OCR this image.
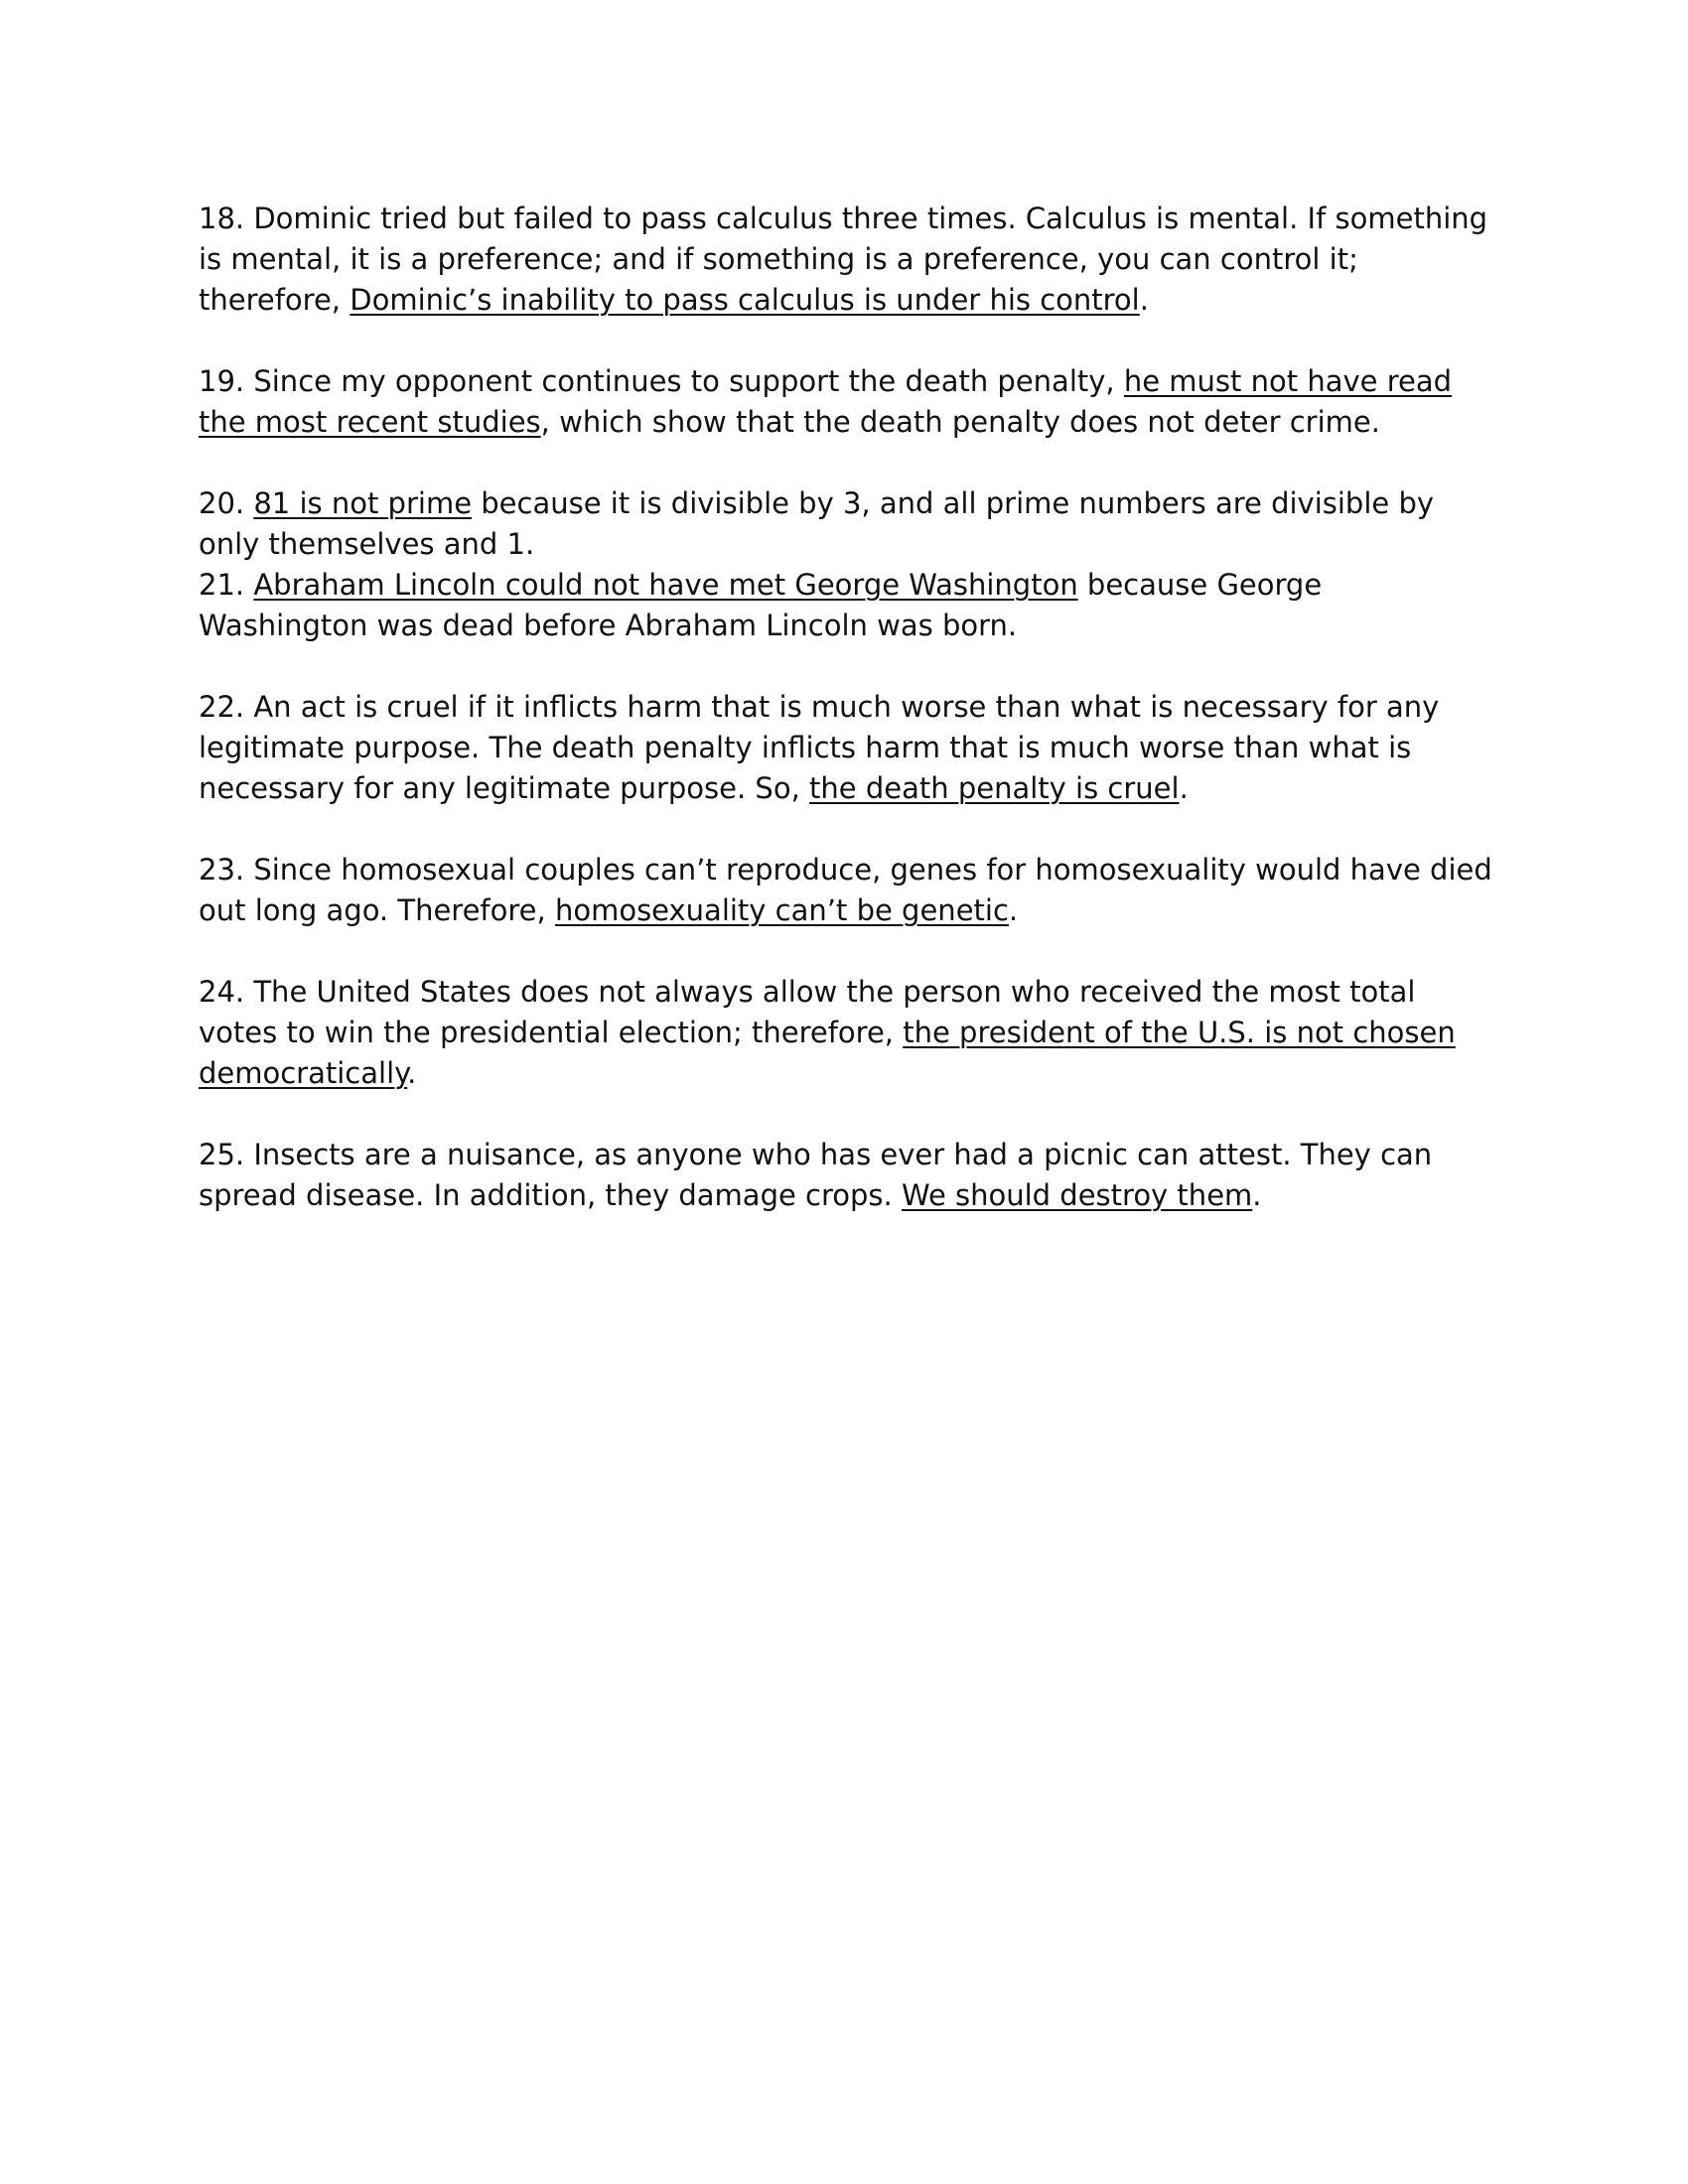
18. Dominic tried but failed to pass calculus three times. Calculus is mental. If something is mental, it is a preference; and if something is a preference, you can control it; therefore, Dominic’s inability to pass calculus is under his control.

19. Since my opponent continues to support the death penalty, he must not have read the most recent studies, which show that the death penalty does not deter crime.

20. 81 is not prime because it is divisible by 3, and all prime numbers are divisible by only themselves and 1.

21. Abraham Lincoln could not have met George Washington because George Washington was dead before Abraham Lincoln was born.

22. An act is cruel if it inflicts harm that is much worse than what is necessary for any legitimate purpose. The death penalty inflicts harm that is much worse than what is necessary for any legitimate purpose. So, the death penalty is cruel.

23. Since homosexual couples can’t reproduce, genes for homosexuality would have died out long ago. Therefore, homosexuality can’t be genetic.

24. The United States does not always allow the person who received the most total votes to win the presidential election; therefore, the president of the U.S. is not chosen democratically.

25. Insects are a nuisance, as anyone who has ever had a picnic can attest. They can spread disease. In addition, they damage crops. We should destroy them.
